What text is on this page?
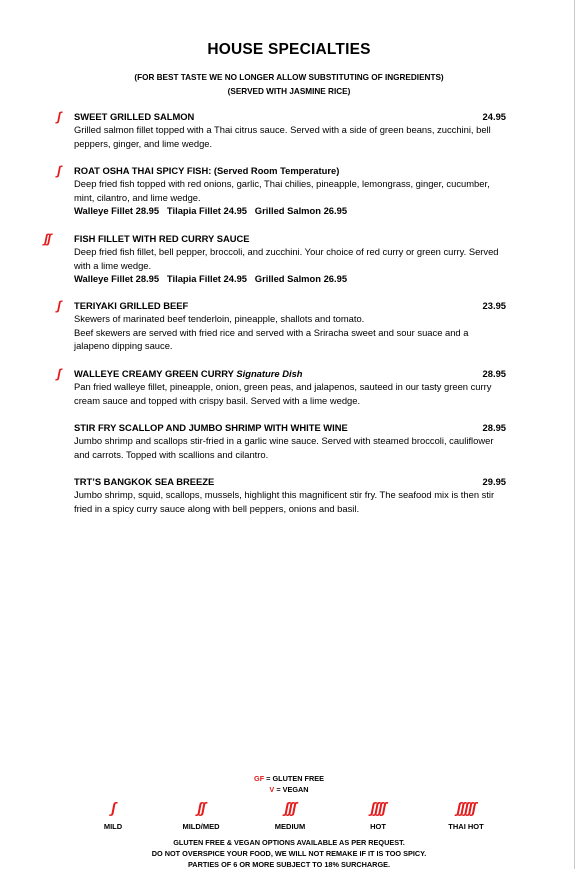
HOUSE SPECIALTIES
(FOR BEST TASTE WE NO LONGER ALLOW SUBSTITUTING OF INGREDIENTS)
(SERVED WITH JASMINE RICE)
ʃ SWEET GRILLED SALMON	24.95
Grilled salmon fillet topped with a Thai citrus sauce. Served with a side of green beans, zucchini, bell peppers, ginger, and lime wedge.
ʃ ROAT OSHA THAI SPICY FISH: (Served Room Temperature)
Deep fried fish topped with red onions, garlic, Thai chilies, pineapple, lemongrass, ginger, cucumber, mint, cilantro, and lime wedge.
Walleye Fillet 28.95   Tilapia Fillet 24.95   Grilled Salmon 26.95
ʃʃ	FISH FILLET WITH RED CURRY SAUCE
Deep fried fish fillet, bell pepper, broccoli, and zucchini. Your choice of red curry or green curry. Served with a lime wedge.
Walleye Fillet 28.95   Tilapia Fillet 24.95   Grilled Salmon 26.95
ʃ TERIYAKI GRILLED BEEF	23.95
Skewers of marinated beef tenderloin, pineapple, shallots and tomato.
Beef skewers are served with fried rice and served with a Sriracha sweet and sour suace and a jalapeno dipping sauce.
ʃ WALLEYE CREAMY GREEN CURRY Signature Dish	28.95
Pan fried walleye fillet, pineapple, onion, green peas, and jalapenos, sauteed in our tasty green curry cream sauce and topped with crispy basil. Served with a lime wedge.
STIR FRY SCALLOP AND JUMBO SHRIMP WITH WHITE WINE	28.95
Jumbo shrimp and scallops stir-fried in a garlic wine sauce. Served with steamed broccoli, cauliflower and carrots. Topped with scallions and cilantro.
TRT’S BANGKOK SEA BREEZE	29.95
Jumbo shrimp, squid, scallops, mussels, highlight this magnificent stir fry. The seafood mix is then stir fried in a spicy curry sauce along with bell peppers, onions and basil.
GF = GLUTEN FREE
V = VEGAN
ʃ
MILD
ʃʃ
MILD/MED
ʃʃʃ
MEDIUM
ʃʃʃʃ
HOT
ʃʃʃʃʃ
THAI HOT
GLUTEN FREE & VEGAN OPTIONS AVAILABLE AS PER REQUEST.
DO NOT OVERSPICE YOUR FOOD, WE WILL NOT REMAKE IF IT IS TOO SPICY.
PARTIES OF 6 OR MORE SUBJECT TO 18% SURCHARGE.
